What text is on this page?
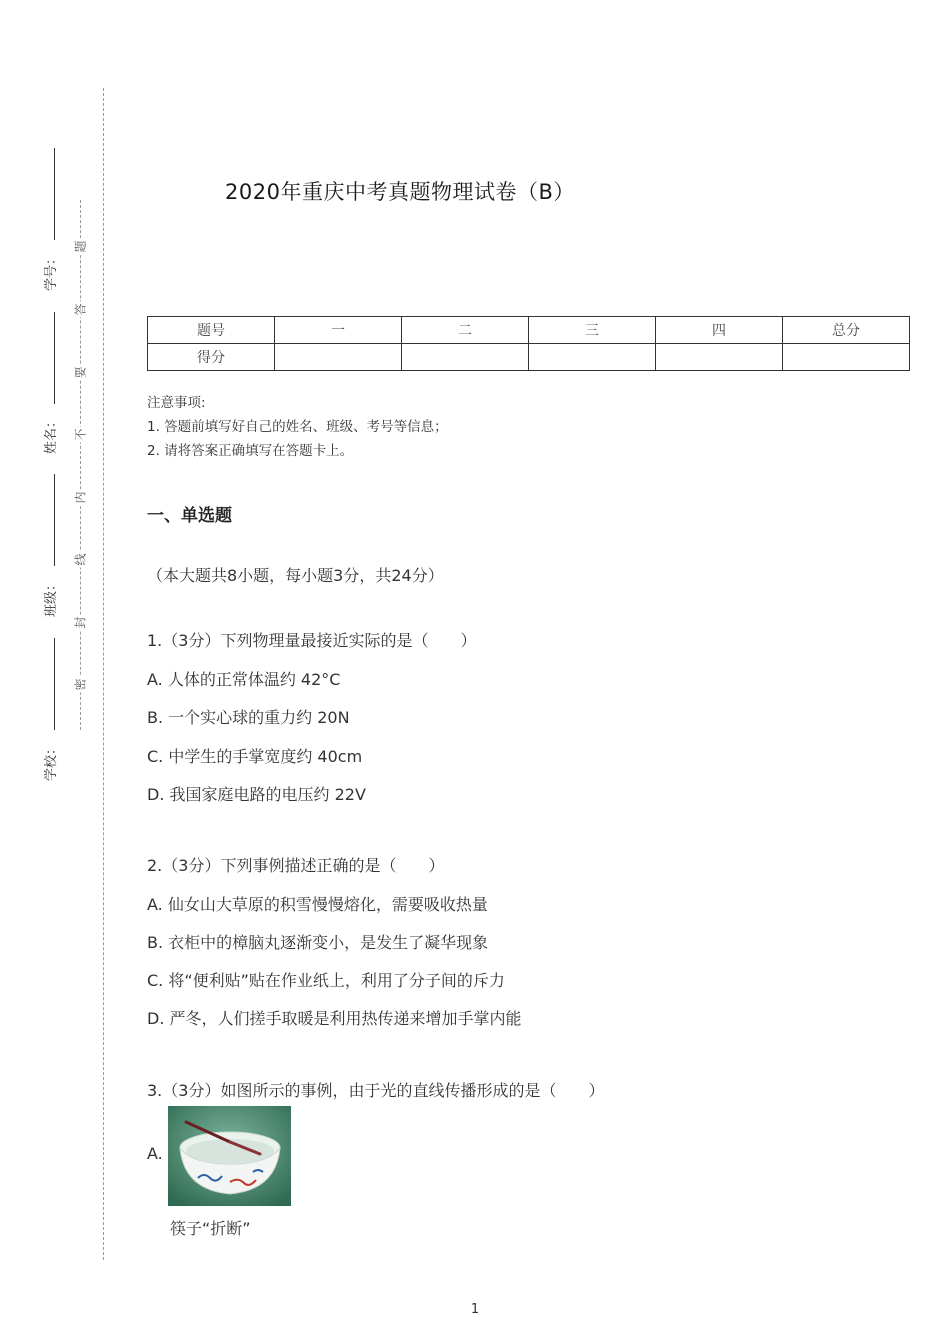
学号：
姓名：
班级：
学校：
题
答
要
不
内
线
封
密
2020年重庆中考真题物理试卷（B）
题号	一	二	三	四	总分
得分					
注意事项:
1. 答题前填写好自己的姓名、班级、考号等信息；
2. 请将答案正确填写在答题卡上。
一、单选题
（本大题共8小题，每小题3分，共24分）
1.（3分）下列物理量最接近实际的是（　　）
A. 人体的正常体温约 42°C
B. 一个实心球的重力约 20N
C. 中学生的手掌宽度约 40cm
D. 我国家庭电路的电压约 22V
2.（3分）下列事例描述正确的是（　　）
A. 仙女山大草原的积雪慢慢熔化，需要吸收热量
B. 衣柜中的樟脑丸逐渐变小，是发生了凝华现象
C. 将“便利贴”贴在作业纸上，利用了分子间的斥力
D. 严冬，人们搓手取暖是利用热传递来增加手掌内能
3.（3分）如图所示的事例，由于光的直线传播形成的是（　　）
A.
筷子“折断”
1
